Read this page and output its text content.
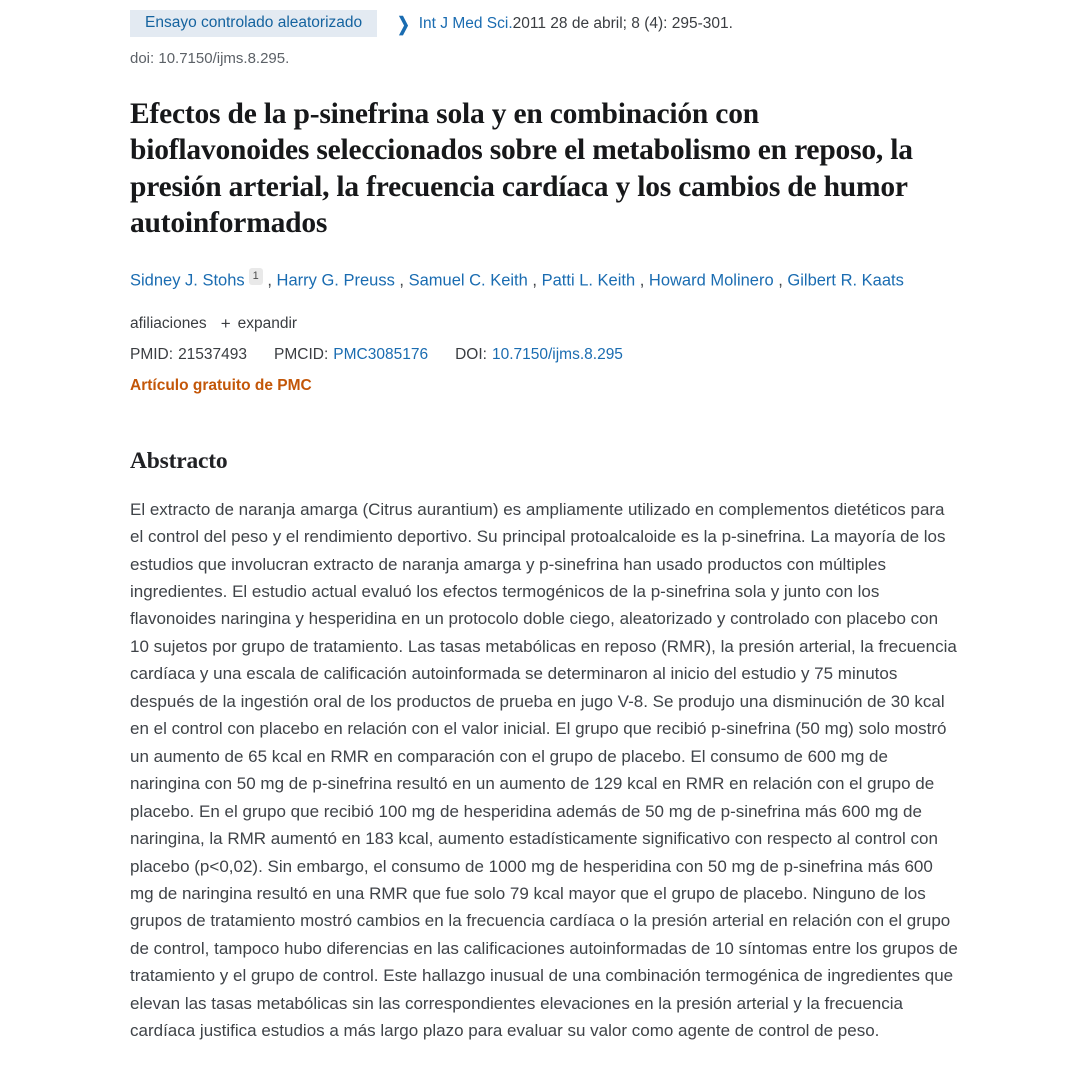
Ensayo controlado aleatorizado	❯ Int J Med Sci. 2011 28 de abril; 8 (4): 295-301.
doi: 10.7150/ijms.8.295.
Efectos de la p-sinefrina sola y en combinación con bioflavonoides seleccionados sobre el metabolismo en reposo, la presión arterial, la frecuencia cardíaca y los cambios de humor autoinformados
Sidney J. Stohs $^1$ , Harry G. Preuss , Samuel C. Keith , Patti L. Keith , Howard Molinero , Gilbert R. Kaats
afiliaciones + expandir
PMID: 21537493 PMCID: PMC3085176 DOI: 10.7150/ijms.8.295
Artículo gratuito de PMC
Abstracto

El extracto de naranja amarga (Citrus aurantium) es ampliamente utilizado en complementos dietéticos para el control del peso y el rendimiento deportivo. Su principal protoalcaloide es la p-sinefrina. La mayoría de los estudios que involucran extracto de naranja amarga y p-sinefrina han usado productos con múltiples ingredientes. El estudio actual evaluó los efectos termogénicos de la p-sinefrina sola y junto con los flavonoides naringina y hesperidina en un protocolo doble ciego, aleatorizado y controlado con placebo con 10 sujetos por grupo de tratamiento. Las tasas metabólicas en reposo (RMR), la presión arterial, la frecuencia cardíaca y una escala de calificación autoinformada se determinaron al inicio del estudio y 75 minutos después de la ingestión oral de los productos de prueba en jugo V-8. Se produjo una disminución de 30 kcal en el control con placebo en relación con el valor inicial. El grupo que recibió p-sinefrina (50 mg) solo mostró un aumento de 65 kcal en RMR en comparación con el grupo de placebo. El consumo de 600 mg de naringina con 50 mg de p-sinefrina resultó en un aumento de 129 kcal en RMR en relación con el grupo de placebo. En el grupo que recibió 100 mg de hesperidina además de 50 mg de p-sinefrina más 600 mg de naringina, la RMR aumentó en 183 kcal, aumento estadísticamente significativo con respecto al control con placebo (p<0,02). Sin embargo, el consumo de 1000 mg de hesperidina con 50 mg de p-sinefrina más 600 mg de naringina resultó en una RMR que fue solo 79 kcal mayor que el grupo de placebo. Ninguno de los grupos de tratamiento mostró cambios en la frecuencia cardíaca o la presión arterial en relación con el grupo de control, tampoco hubo diferencias en las calificaciones autoinformadas de 10 síntomas entre los grupos de tratamiento y el grupo de control. Este hallazgo inusual de una combinación termogénica de ingredientes que elevan las tasas metabólicas sin las correspondientes elevaciones en la presión arterial y la frecuencia cardíaca justifica estudios a más largo plazo para evaluar su valor como agente de control de peso.
